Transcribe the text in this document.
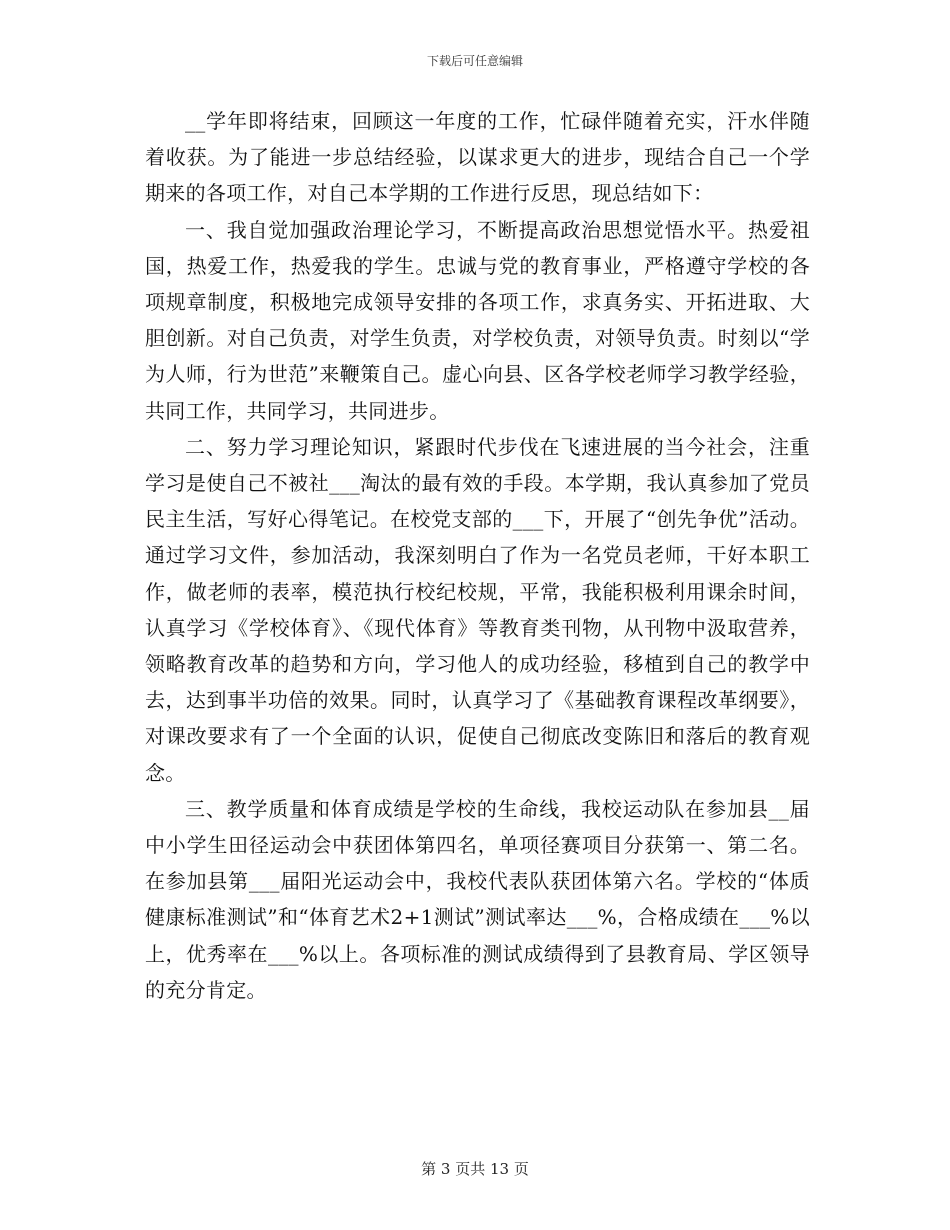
下载后可任意编辑

__学年即将结束，回顾这一年度的工作，忙碌伴随着充实，汗水伴随着收获。为了能进一步总结经验，以谋求更大的进步，现结合自己一个学期来的各项工作，对自己本学期的工作进行反思，现总结如下：

一、我自觉加强政治理论学习，不断提高政治思想觉悟水平。热爱祖国，热爱工作，热爱我的学生。忠诚与党的教育事业，严格遵守学校的各项规章制度，积极地完成领导安排的各项工作，求真务实、开拓进取、大胆创新。对自己负责，对学生负责，对学校负责，对领导负责。时刻以“学为人师，行为世范”来鞭策自己。虚心向县、区各学校老师学习教学经验，共同工作，共同学习，共同进步。

二、努力学习理论知识，紧跟时代步伐在飞速进展的当今社会，注重学习是使自己不被社___淘汰的最有效的手段。本学期，我认真参加了党员民主生活，写好心得笔记。在校党支部的___下，开展了“创先争优”活动。通过学习文件，参加活动，我深刻明白了作为一名党员老师，干好本职工作，做老师的表率，模范执行校纪校规，平常，我能积极利用课余时间，认真学习《学校体育》、《现代体育》等教育类刊物，从刊物中汲取营养，领略教育改革的趋势和方向，学习他人的成功经验，移植到自己的教学中去，达到事半功倍的效果。同时，认真学习了《基础教育课程改革纲要》，对课改要求有了一个全面的认识，促使自己彻底改变陈旧和落后的教育观念。

三、教学质量和体育成绩是学校的生命线，我校运动队在参加县__届中小学生田径运动会中获团体第四名，单项径赛项目分获第一、第二名。在参加县第___届阳光运动会中，我校代表队获团体第六名。学校的“体质健康标准测试”和“体育艺术2+1测试”测试率达___%，合格成绩在___%以上，优秀率在___%以上。各项标准的测试成绩得到了县教育局、学区领导的充分肯定。

第 3 页共 13 页
